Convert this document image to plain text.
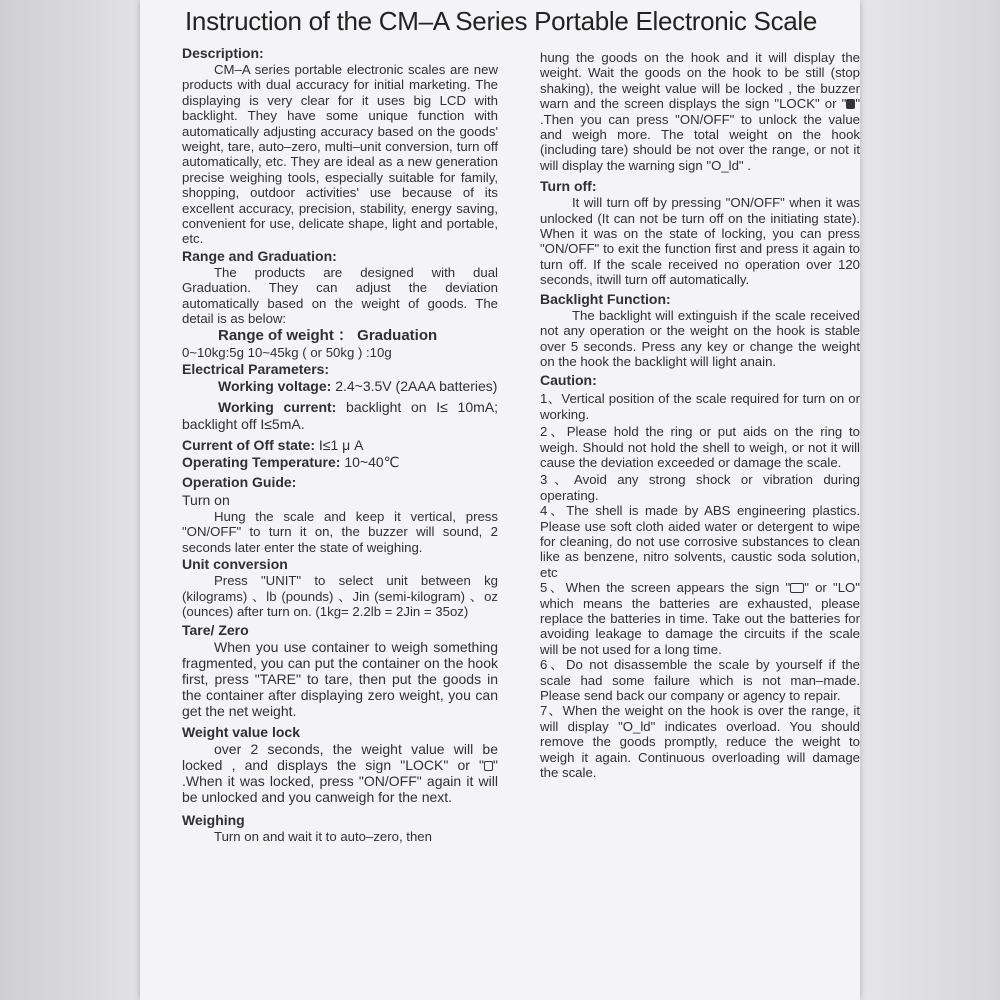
Instruction of the CM–A Series Portable Electronic Scale

Description:

CM–A series portable electronic scales are new products with dual accuracy for initial marketing. The displaying is very clear for it uses big LCD with backlight. They have some unique function with automatically adjusting accuracy based on the goods' weight, tare, auto–zero, multi–unit conversion, turn off automatically, etc. They are ideal as a new generation precise weighing tools, especially suitable for family, shopping, outdoor activities' use because of its excellent accuracy, precision, stability, energy saving, convenient for use, delicate shape, light and portable, etc.

Range and Graduation:

The products are designed with dual Graduation. They can adjust the deviation automatically based on the weight of goods. The detail is as below:

Range of weight ： Graduation

0~10kg:5g 10~45kg ( or 50kg ) :10g

Electrical Parameters:

Working voltage: 2.4~3.5V (2AAA batteries)

Working current: backlight on I≤ 10mA; backlight off I≤5mA.

Current of Off state: I≤1 μ A

Operating Temperature: 10~40℃

Operation Guide:

Turn on

Hung the scale and keep it vertical, press "ON/OFF" to turn it on, the buzzer will sound, 2 seconds later enter the state of weighing.

Unit conversion

Press "UNIT" to select unit between kg (kilograms) 、lb (pounds) 、Jin (semi-kilogram) 、oz (ounces) after turn on. (1kg= 2.2lb = 2Jin = 35oz)

Tare/ Zero

When you use container to weigh something fragmented, you can put the container on the hook first, press "TARE" to tare, then put the goods in the container after displaying zero weight, you can get the net weight.

Weight value lock

over 2 seconds, the weight value will be locked , and displays the sign "LOCK" or " " .When it was locked, press "ON/OFF" again it will be unlocked and you canweigh for the next.

Weighing

Turn on and wait it to auto–zero, then

hung the goods on the hook and it will display the weight. Wait the goods on the hook to be still (stop shaking), the weight value will be locked , the buzzer warn and the screen displays the sign "LOCK" or " " .Then you can press "ON/OFF" to unlock the value and weigh more. The total weight on the hook (including tare) should be not over the range, or not it will display the warning sign "O_ld" .

Turn off:

It will turn off by pressing "ON/OFF" when it was unlocked (It can not be turn off on the initiating state). When it was on the state of locking, you can press "ON/OFF" to exit the function first and press it again to turn off. If the scale received no operation over 120 seconds, itwill turn off automatically.

Backlight Function:

The backlight will extinguish if the scale received not any operation or the weight on the hook is stable over 5 seconds. Press any key or change the weight on the hook the backlight will light anain.

Caution:

1、Vertical position of the scale required for turn on or working.

2、Please hold the ring or put aids on the ring to weigh. Should not hold the shell to weigh, or not it will cause the deviation exceeded or damage the scale.

3、Avoid any strong shock or vibration during operating.

4、The shell is made by ABS engineering plastics. Please use soft cloth aided water or detergent to wipe for cleaning, do not use corrosive substances to clean like as benzene, nitro solvents, caustic soda solution, etc

5、When the screen appears the sign " " or "LO" which means the batteries are exhausted, please replace the batteries in time. Take out the batteries for avoiding leakage to damage the circuits if the scale will be not used for a long time.

6、Do not disassemble the scale by yourself if the scale had some failure which is not man–made. Please send back our company or agency to repair.

7、When the weight on the hook is over the range, it will display "O_ld" indicates overload. You should remove the goods promptly, reduce the weight to weigh it again. Continuous overloading will damage the scale.
